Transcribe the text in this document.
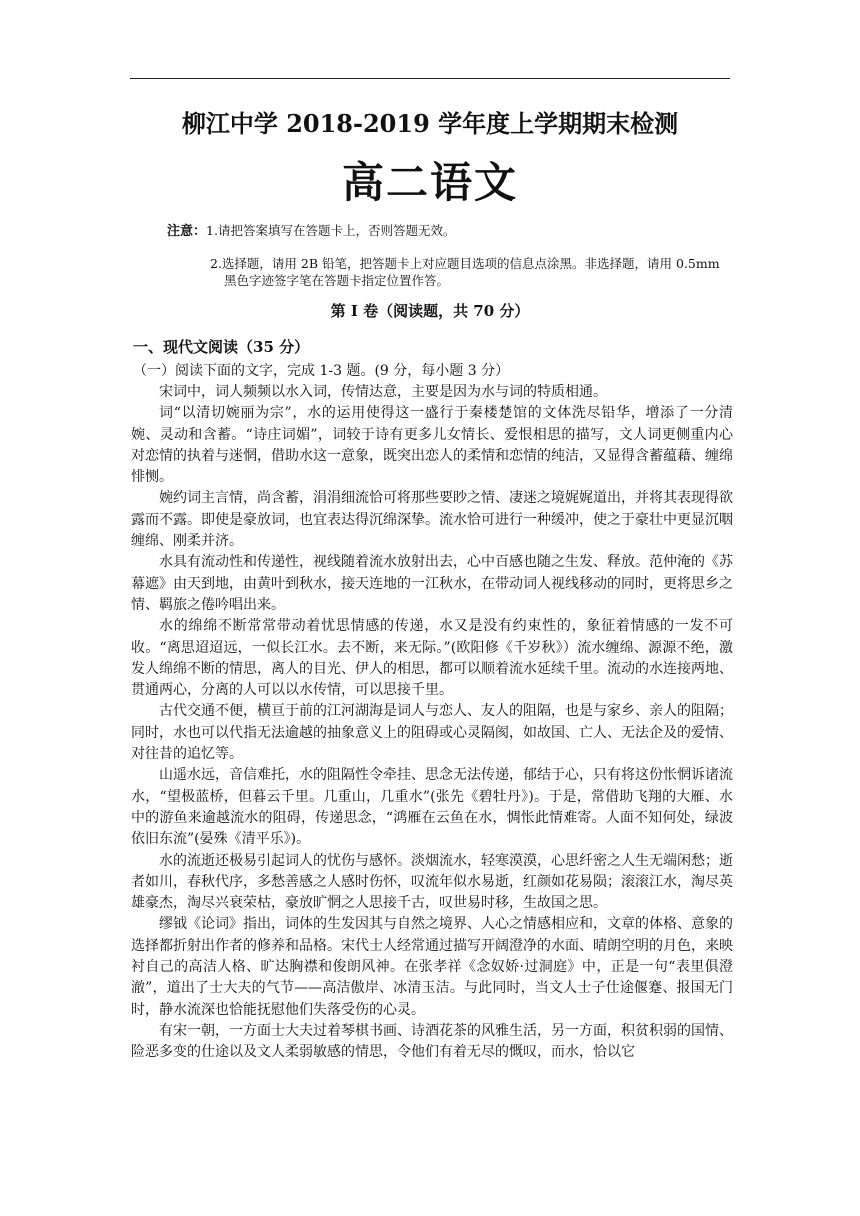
柳江中学 2018-2019 学年度上学期期末检测
高二语文
注意：1.请把答案填写在答题卡上，否则答题无效。
2.选择题，请用 2B 铅笔，把答题卡上对应题目选项的信息点涂黑。非选择题，请用 0.5mm
黑色字迹签字笔在答题卡指定位置作答。
第 I 卷（阅读题，共 70 分）
一、现代文阅读（35 分）
（一）阅读下面的文字，完成 1-3 题。(9 分，每小题 3 分）

宋词中，词人频频以水入词，传情达意，主要是因为水与词的特质相通。

词“以清切婉丽为宗”，水的运用使得这一盛行于秦楼楚馆的文体洗尽铅华，增添了一分清婉、灵动和含蓄。“诗庄词媚”，词较于诗有更多儿女情长、爱恨相思的描写，文人词更侧重内心对恋情的执着与迷惘，借助水这一意象，既突出恋人的柔情和恋情的纯洁，又显得含蓄蕴藉、缠绵悱恻。

婉约词主言情，尚含蓄，涓涓细流恰可将那些要眇之情、凄迷之境娓娓道出，并将其表现得欲露而不露。即使是豪放词，也宜表达得沉绵深挚。流水恰可进行一种缓冲，使之于豪壮中更显沉咽缠绵、刚柔并济。

水具有流动性和传递性，视线随着流水放射出去，心中百感也随之生发、释放。范仲淹的《苏幕遮》由天到地，由黄叶到秋水，接天连地的一江秋水，在带动词人视线移动的同时，更将思乡之情、羁旅之倦吟唱出来。

水的绵绵不断常常带动着忧思情感的传递，水又是没有约束性的，象征着情感的一发不可收。“离思迢迢远，一似长江水。去不断，来无际。”(欧阳修《千岁秋》）流水缠绵、源源不绝，激发人绵绵不断的情思，离人的目光、伊人的相思，都可以顺着流水延续千里。流动的水连接两地、贯通两心，分离的人可以以水传情，可以思接千里。

古代交通不便，横亘于前的江河湖海是词人与恋人、友人的阻隔，也是与家乡、亲人的阻隔；同时，水也可以代指无法逾越的抽象意义上的阻碍或心灵隔阂，如故国、亡人、无法企及的爱情、对往昔的追忆等。

山遥水远，音信难托，水的阻隔性令牵挂、思念无法传递，郁结于心，只有将这份怅惘诉诸流水，“望极蓝桥，但暮云千里。几重山，几重水”(张先《碧牡丹》)。于是，常借助飞翔的大雁、水中的游鱼来逾越流水的阻碍，传递思念，“鸿雁在云鱼在水，惆怅此情难寄。人面不知何处，绿波依旧东流”(晏殊《清平乐》)。

水的流逝还极易引起词人的忧伤与感怀。淡烟流水，轻寒漠漠，心思纤密之人生无端闲愁；逝者如川，春秋代序，多愁善感之人感时伤怀，叹流年似水易逝，红颜如花易陨；滚滚江水，淘尽英雄豪杰，淘尽兴衰荣枯，豪放旷惘之人思接千古，叹世易时移，生故国之思。

缪钺《论词》指出，词体的生发因其与自然之境界、人心之情感相应和，文章的体格、意象的选择都折射出作者的修养和品格。宋代士人经常通过描写开阔澄净的水面、晴朗空明的月色，来映衬自己的高洁人格、旷达胸襟和俊朗风神。在张孝祥《念奴娇·过洞庭》中，正是一句“表里俱澄澈”，道出了士大夫的气节——高洁傲岸、冰清玉洁。与此同时，当文人士子仕途偃蹇、报国无门时，静水流深也恰能抚慰他们失落受伤的心灵。

有宋一朝，一方面士大夫过着琴棋书画、诗酒花茶的风雅生活，另一方面，积贫积弱的国情、险恶多变的仕途以及文人柔弱敏感的情思，令他们有着无尽的慨叹，而水，恰以它
